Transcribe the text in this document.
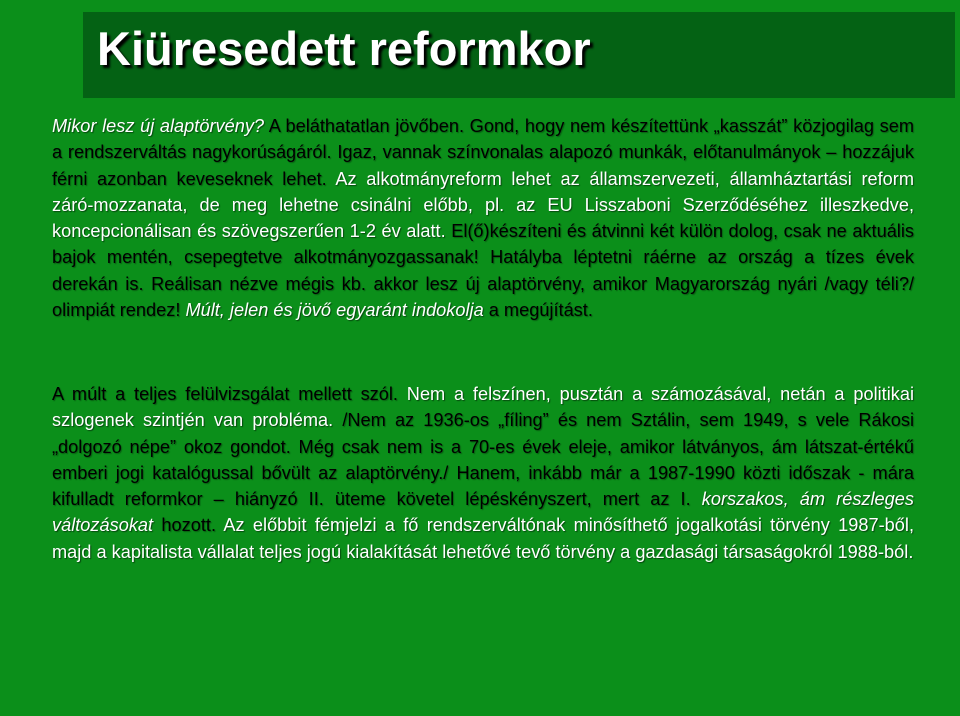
Kiüresedett reformkor

Mikor lesz új alaptörvény? A beláthatatlan jövőben. Gond, hogy nem készítettünk „kasszát” közjogilag sem a rendszerváltás nagykorúságáról. Igaz, vannak színvonalas alapozó munkák, előtanulmányok – hozzájuk férni azonban keveseknek lehet. Az alkotmányreform lehet az államszervezeti, államháztartási reform záró-mozzanata, de meg lehetne csinálni előbb, pl. az EU Lisszaboni Szerződéséhez illeszkedve, koncepcionálisan és szövegszerűen 1-2 év alatt. El(ő)készíteni és átvinni két külön dolog, csak ne aktuális bajok mentén, csepegtetve alkotmányozgassanak! Hatályba léptetni ráérne az ország a tízes évek derekán is. Reálisan nézve mégis kb. akkor lesz új alaptörvény, amikor Magyarország nyári /vagy téli?/ olimpiát rendez! Múlt, jelen és jövő egyaránt indokolja a megújítást.

A múlt a teljes felülvizsgálat mellett szól. Nem a felszínen, pusztán a számozásával, netán a politikai szlogenek szintjén van probléma. /Nem az 1936-os „fíling” és nem Sztálin, sem 1949, s vele Rákosi „dolgozó népe” okoz gondot. Még csak nem is a 70-es évek eleje, amikor látványos, ám látszat-értékű emberi jogi katalógussal bővült az alaptörvény./ Hanem, inkább már a 1987-1990 közti időszak - mára kifulladt reformkor – hiányzó II. üteme követel lépéskényszert, mert az I. korszakos, ám részleges változásokat hozott. Az előbbit fémjelzi a fő rendszerváltónak minősíthető jogalkotási törvény 1987-ből, majd a kapitalista vállalat teljes jogú kialakítását lehetővé tevő törvény a gazdasági társaságokról 1988-ból.
